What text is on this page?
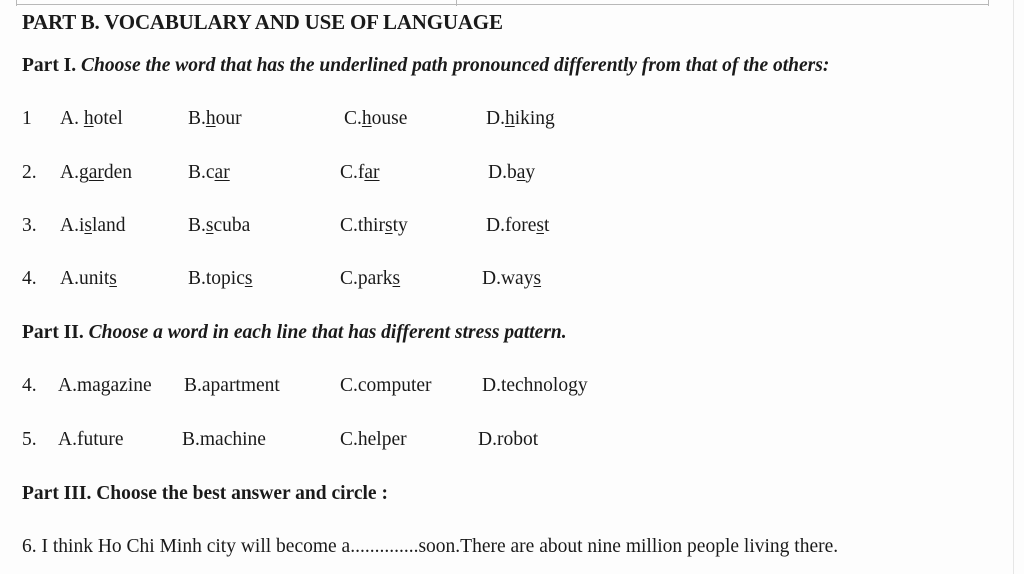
PART B. VOCABULARY AND USE OF LANGUAGE
Part I. Choose the word that has the underlined path pronounced differently from that of the others:
1 A. hotel	B.hour	C.house	D.hiking
2. A.garden	B.car	C.far	D.bay
3. A.island	B.scuba	C.thirsty	D.forest
4. A.units	B.topics	C.parks	D.ways
Part II. Choose a word in each line that has different stress pattern.
4. A.magazine B.apartment	C.computer	D.technology
5. A.future	B.machine	C.helper	D.robot
Part III. Choose the best answer and circle :
6. I think Ho Chi Minh city will become a..............soon.There are about nine million people living there.
